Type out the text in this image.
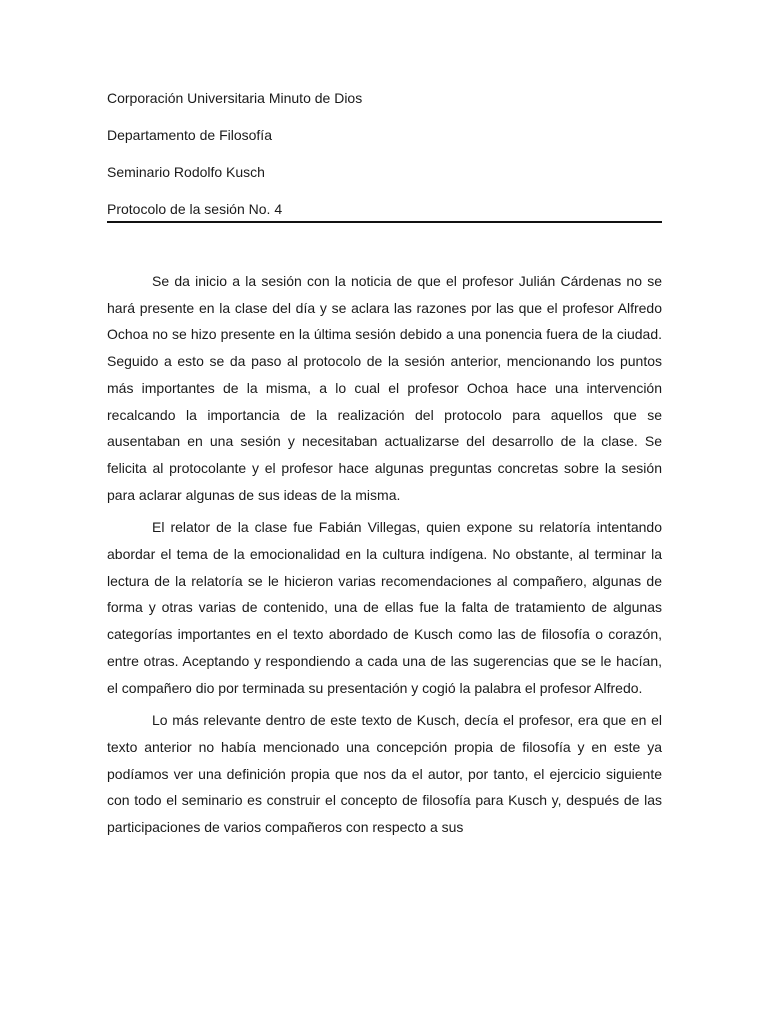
Corporación Universitaria Minuto de Dios
Departamento de Filosofía
Seminario Rodolfo Kusch
Protocolo de la sesión No. 4

Se da inicio a la sesión con la noticia de que el profesor Julián Cárdenas no se hará presente en la clase del día y se aclara las razones por las que el profesor Alfredo Ochoa no se hizo presente en la última sesión debido a una ponencia fuera de la ciudad. Seguido a esto se da paso al protocolo de la sesión anterior, mencionando los puntos más importantes de la misma, a lo cual el profesor Ochoa hace una intervención recalcando la importancia de la realización del protocolo para aquellos que se ausentaban en una sesión y necesitaban actualizarse del desarrollo de la clase. Se felicita al protocolante y el profesor hace algunas preguntas concretas sobre la sesión para aclarar algunas de sus ideas de la misma.

El relator de la clase fue Fabián Villegas, quien expone su relatoría intentando abordar el tema de la emocionalidad en la cultura indígena. No obstante, al terminar la lectura de la relatoría se le hicieron varias recomendaciones al compañero, algunas de forma y otras varias de contenido, una de ellas fue la falta de tratamiento de algunas categorías importantes en el texto abordado de Kusch como las de filosofía o corazón, entre otras. Aceptando y respondiendo a cada una de las sugerencias que se le hacían, el compañero dio por terminada su presentación y cogió la palabra el profesor Alfredo.

Lo más relevante dentro de este texto de Kusch, decía el profesor, era que en el texto anterior no había mencionado una concepción propia de filosofía y en este ya podíamos ver una definición propia que nos da el autor, por tanto, el ejercicio siguiente con todo el seminario es construir el concepto de filosofía para Kusch y, después de las participaciones de varios compañeros con respecto a sus
